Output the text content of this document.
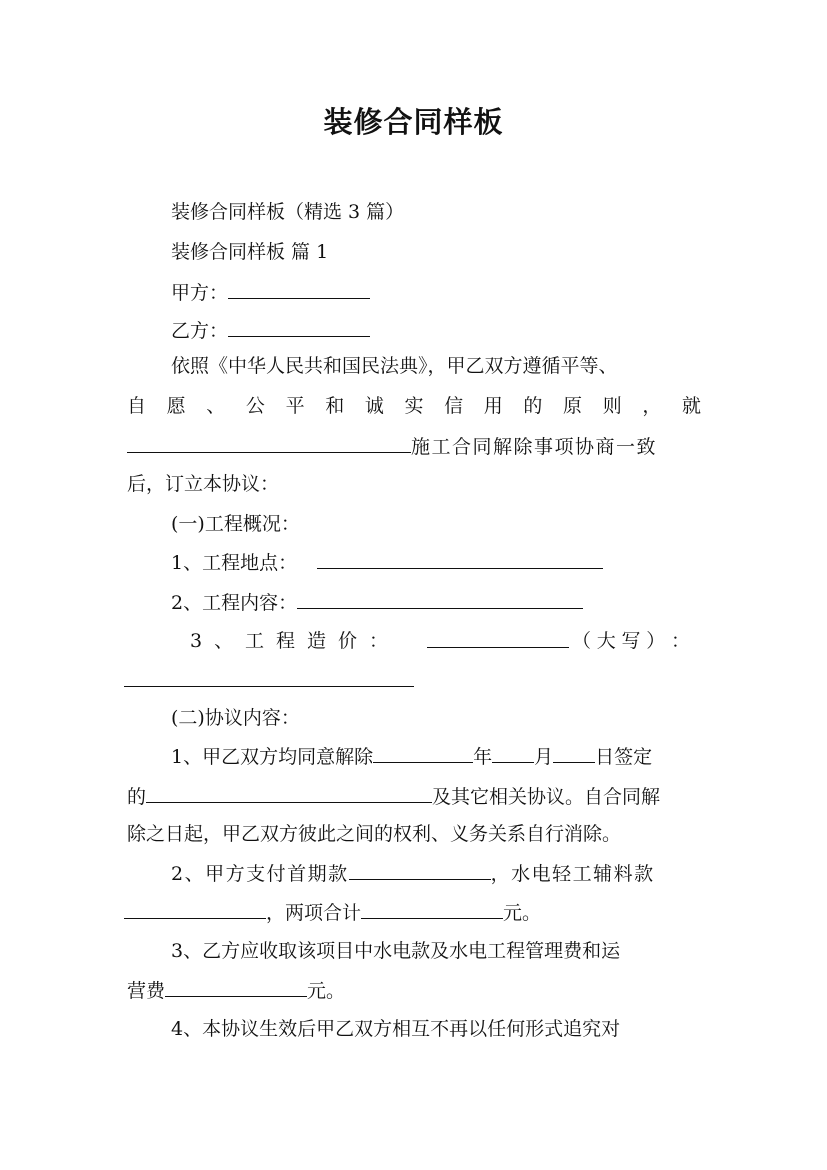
装修合同样板
装修合同样板（精选 3 篇）
装修合同样板 篇 1
甲方：
乙方：
依照《中华人民共和国民法典》，甲乙双方遵循平等、
自 愿 、 公 平 和 诚 实 信 用 的 原 则 ， 就
施工合同解除事项协商一致
后，订立本协议：
(一)工程概况：
1、工程地点：
2、工程内容：
3 、 工 程 造 价 ：	（ 大 写 ） ：
(二)协议内容：
1、甲乙双方均同意解除	年 月 日签定
的	及其它相关协议。自合同解
除之日起，甲乙双方彼此之间的权利、义务关系自行消除。
2、甲方支付首期款	，水电轻工辅料款
，两项合计	元。
3、乙方应收取该项目中水电款及水电工程管理费和运
营费	元。
4、本协议生效后甲乙双方相互不再以任何形式追究对
